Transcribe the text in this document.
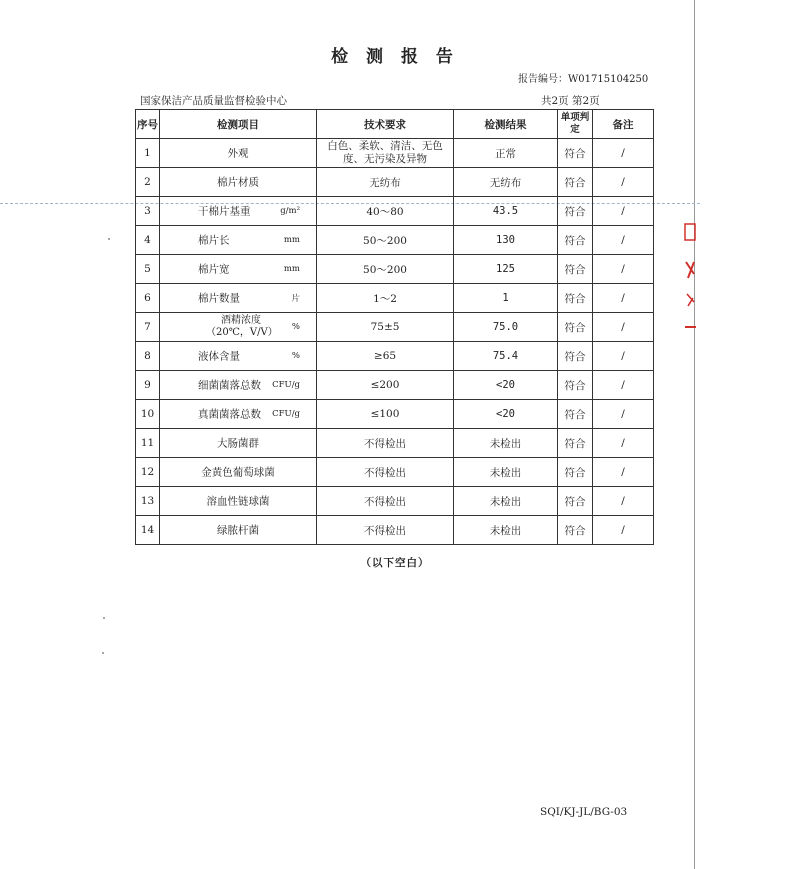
检 测 报 告
报告编号：W01715104250
国家保洁产品质量监督检验中心	共2页 第2页
序号	检测项目	技术要求	检测结果	单项判定	备注
1	外观	白色、柔软、清洁、无色度、无污染及异物	正常	符合	/
2	棉片材质	无纺布	无纺布	符合	/
3	干棉片基重 g/m²	40～80	43.5	符合	/
4	棉片长 mm	50～200	130	符合	/
5	棉片宽 mm	50～200	125	符合	/
6	棉片数量 片	1～2	1	符合	/
7	酒精浓度（20℃，V/V） %	75±5	75.0	符合	/
8	液体含量 %	≥65	75.4	符合	/
9	细菌菌落总数 CFU/g	≤200	<20	符合	/
10	真菌菌落总数 CFU/g	≤100	<20	符合	/
11	大肠菌群	不得检出	未检出	符合	/
12	金黄色葡萄球菌	不得检出	未检出	符合	/
13	溶血性链球菌	不得检出	未检出	符合	/
14	绿脓杆菌	不得检出	未检出	符合	/
（以下空白）
SQI/KJ-JL/BG-03
